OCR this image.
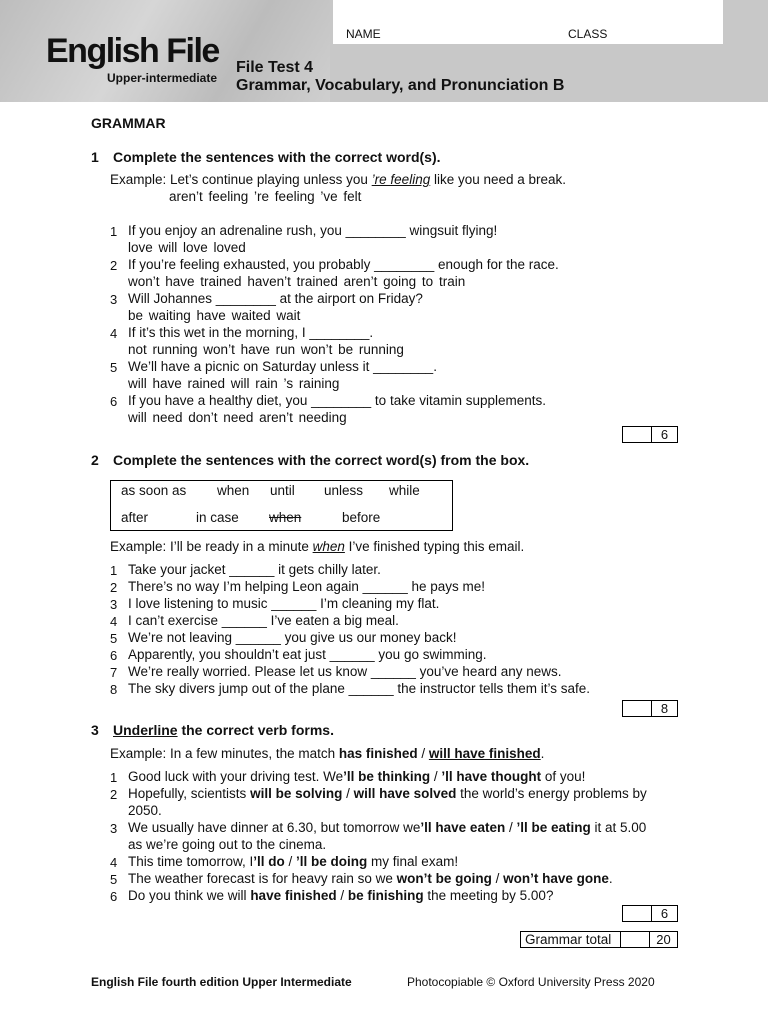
English File
Upper-intermediate
NAME	CLASS
File Test 4
Grammar, Vocabulary, and Pronunciation B
GRAMMAR
1 Complete the sentences with the correct word(s).
Example: Let’s continue playing unless you ’re feeling like you need a break.
aren’t feeling ’re feeling ’ve felt
1 If you enjoy an adrenaline rush, you ________ wingsuit flying!
love will love loved
2 If you’re feeling exhausted, you probably ________ enough for the race.
won’t have trained haven’t trained aren’t going to train
3 Will Johannes ________ at the airport on Friday?
be waiting have waited wait
4 If it’s this wet in the morning, I ________.
not running won’t have run won’t be running
5 We’ll have a picnic on Saturday unless it ________.
will have rained will rain ’s raining
6 If you have a healthy diet, you ________ to take vitamin supplements.
will need don’t need aren’t needing
6
2 Complete the sentences with the correct word(s) from the box.
as soon as when until unless while
after	in case when	before
Example: I’ll be ready in a minute when I’ve finished typing this email.
1 Take your jacket ______ it gets chilly later.
2 There’s no way I’m helping Leon again ______ he pays me!
3 I love listening to music ______ I’m cleaning my flat.
4 I can’t exercise ______ I’ve eaten a big meal.
5 We’re not leaving ______ you give us our money back!
6 Apparently, you shouldn’t eat just ______ you go swimming.
7 We’re really worried. Please let us know ______ you’ve heard any news.
8 The sky divers jump out of the plane ______ the instructor tells them it’s safe.
8
3 Underline the correct verb forms.
Example: In a few minutes, the match has finished / will have finished.
1 Good luck with your driving test. We’ll be thinking / ’ll have thought of you!
2 Hopefully, scientists will be solving / will have solved the world’s energy problems by
2050.
3 We usually have dinner at 6.30, but tomorrow we’ll have eaten / ’ll be eating it at 5.00
as we’re going out to the cinema.
4 This time tomorrow, I’ll do / ’ll be doing my final exam!
5 The weather forecast is for heavy rain so we won’t be going / won’t have gone.
6 Do you think we will have finished / be finishing the meeting by 5.00?
6
Grammar total	20
English File fourth edition Upper Intermediate	Photocopiable © Oxford University Press 2020
